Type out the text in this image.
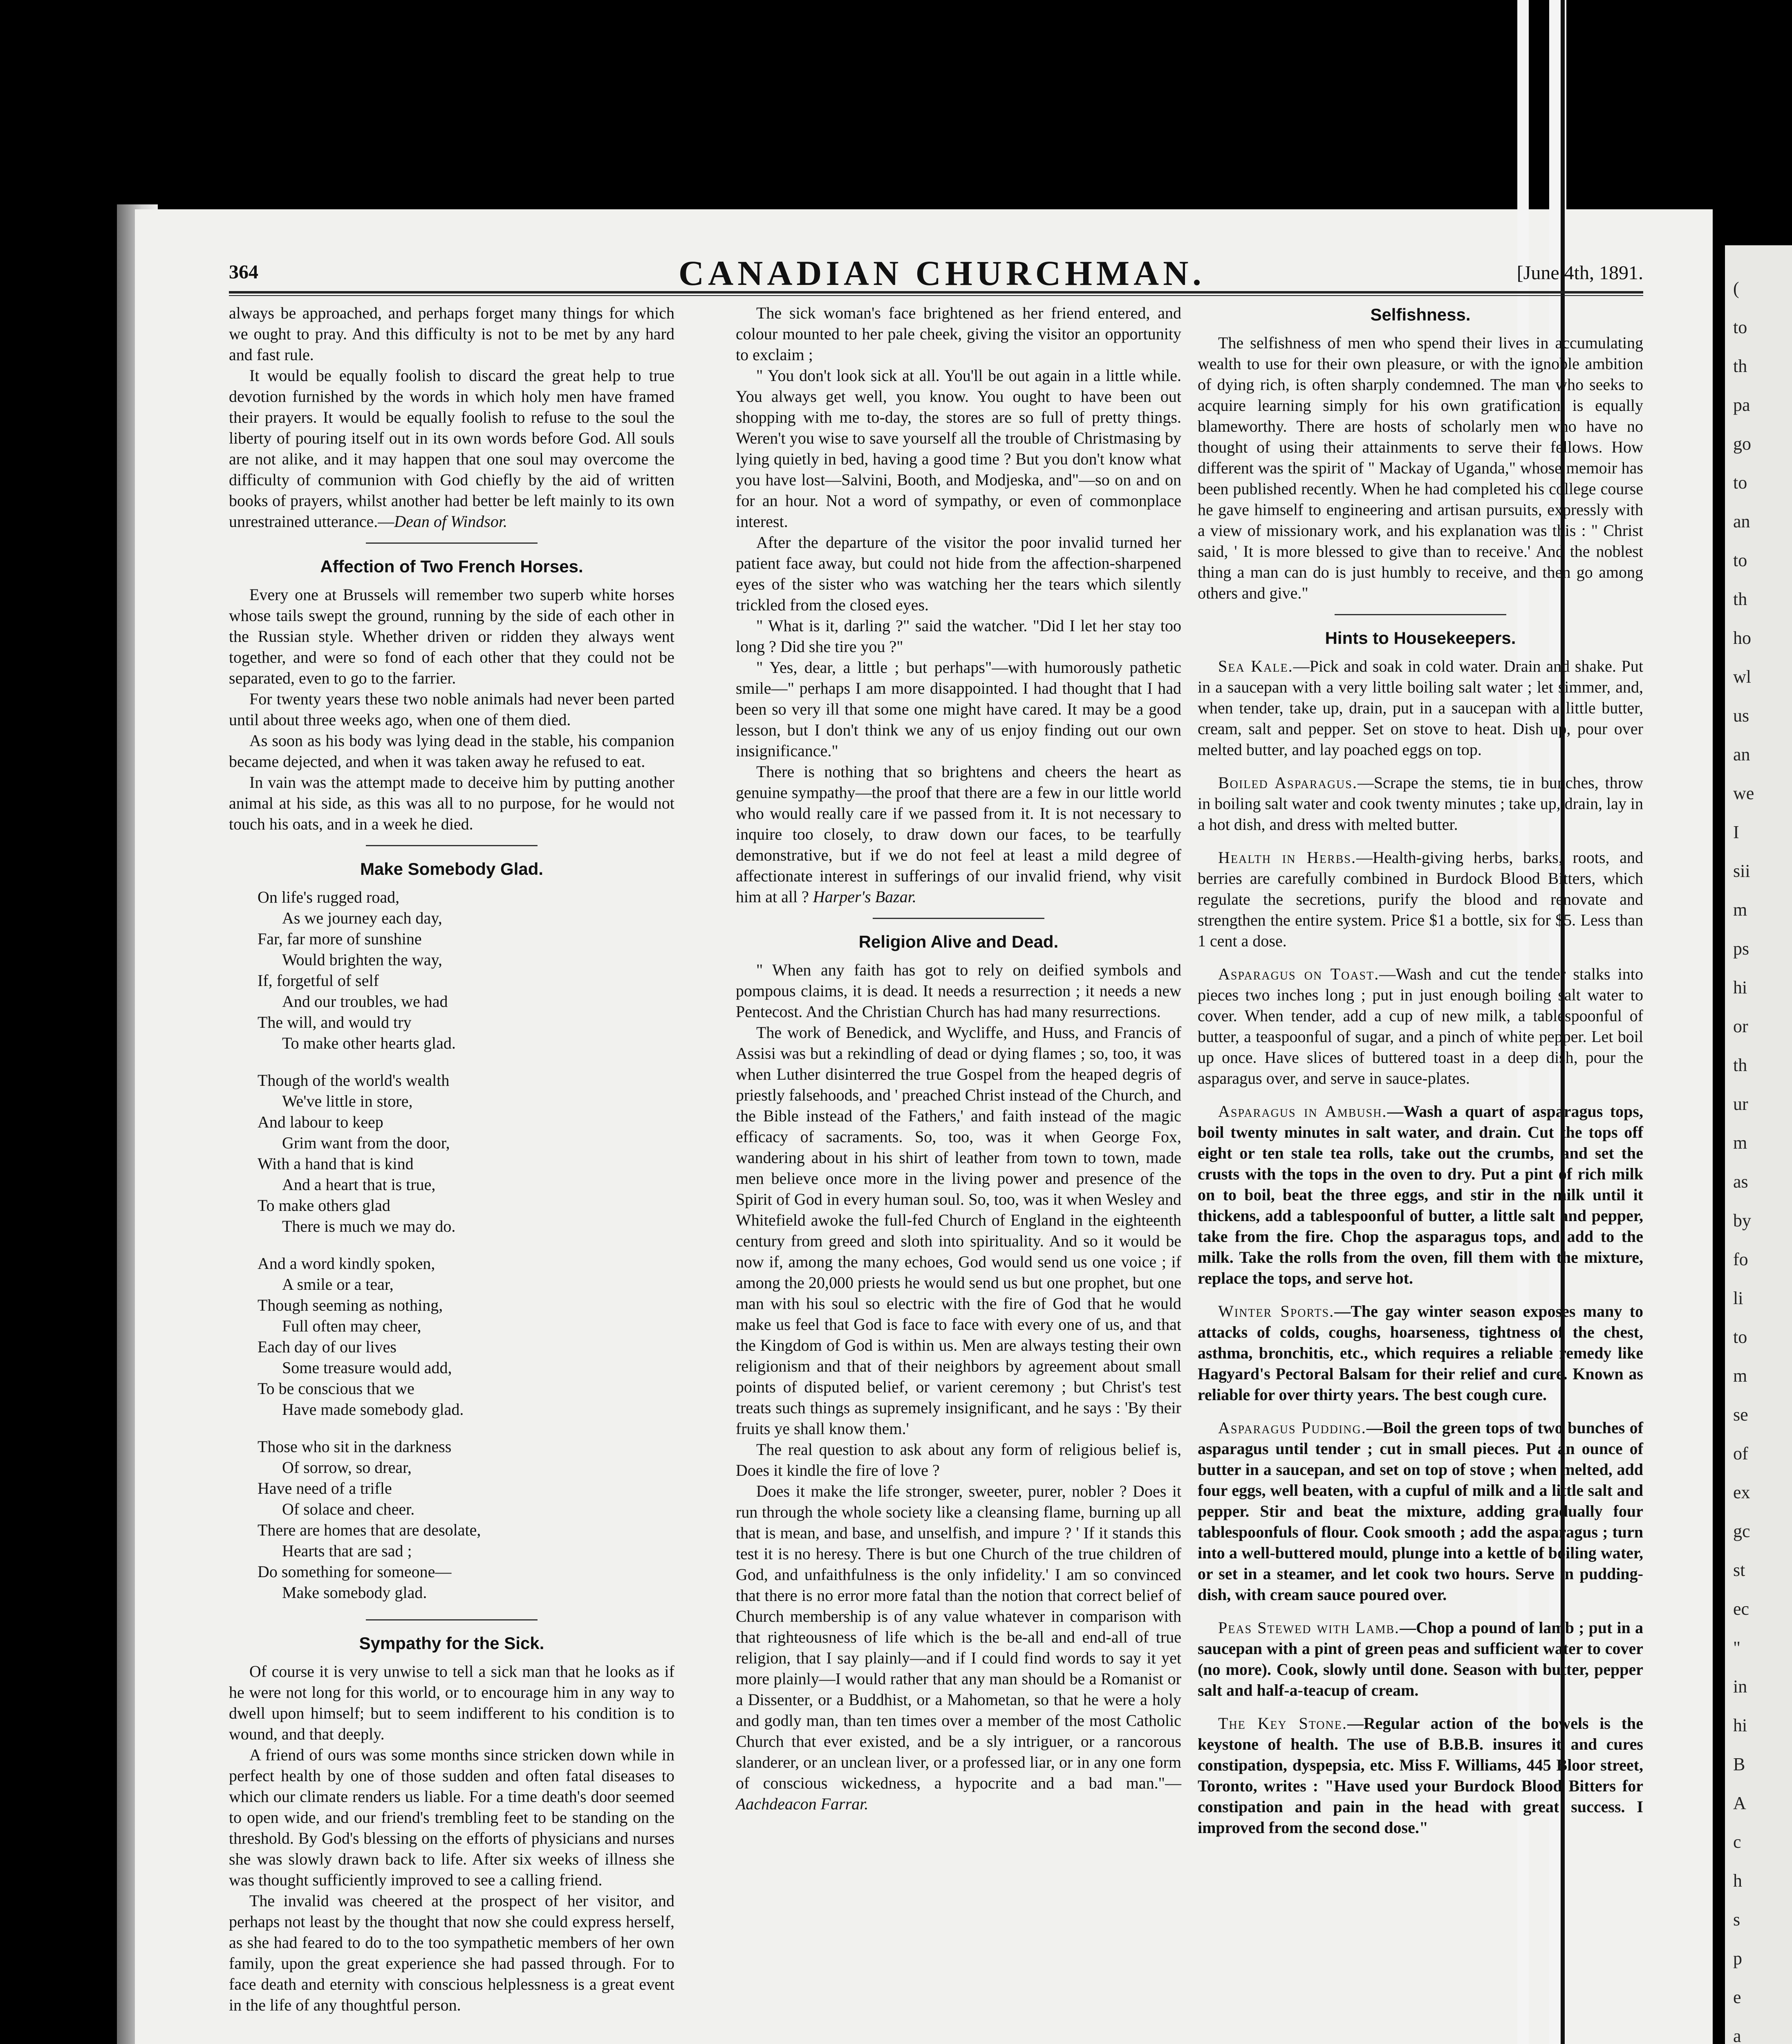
(
to
th
pa
go
to
an
to
th
ho
wl
us
an
we
I
sii
m
ps
hi
or
th
ur
m
as
by
fo
li
to
m
se
of
ex
gc
st
ec
"
in
hi
B
A
c
h
s
p
e
a
364	CANADIAN CHURCHMAN.	[June 4th, 1891.

always be approached, and perhaps forget many things for which we ought to pray. And this difficulty is not to be met by any hard and fast rule.

It would be equally foolish to discard the great help to true devotion furnished by the words in which holy men have framed their prayers. It would be equally foolish to refuse to the soul the liberty of pouring itself out in its own words before God. All souls are not alike, and it may happen that one soul may overcome the difficulty of communion with God chiefly by the aid of written books of prayers, whilst another had better be left mainly to its own unrestrained utterance.—Dean of Windsor.

Affection of Two French Horses.

Every one at Brussels will remember two superb white horses whose tails swept the ground, running by the side of each other in the Russian style. Whether driven or ridden they always went together, and were so fond of each other that they could not be separated, even to go to the farrier.

For twenty years these two noble animals had never been parted until about three weeks ago, when one of them died.

As soon as his body was lying dead in the stable, his companion became dejected, and when it was taken away he refused to eat.

In vain was the attempt made to deceive him by putting another animal at his side, as this was all to no purpose, for he would not touch his oats, and in a week he died.

Make Somebody Glad.
On life's rugged road,
As we journey each day,
Far, far more of sunshine
Would brighten the way,
If, forgetful of self
And our troubles, we had
The will, and would try
To make other hearts glad.
Though of the world's wealth
We've little in store,
And labour to keep
Grim want from the door,
With a hand that is kind
And a heart that is true,
To make others glad
There is much we may do.
And a word kindly spoken,
A smile or a tear,
Though seeming as nothing,
Full often may cheer,
Each day of our lives
Some treasure would add,
To be conscious that we
Have made somebody glad.
Those who sit in the darkness
Of sorrow, so drear,
Have need of a trifle
Of solace and cheer.
There are homes that are desolate,
Hearts that are sad ;
Do something for someone—
Make somebody glad.
Sympathy for the Sick.

Of course it is very unwise to tell a sick man that he looks as if he were not long for this world, or to encourage him in any way to dwell upon himself; but to seem indifferent to his condition is to wound, and that deeply.

A friend of ours was some months since stricken down while in perfect health by one of those sudden and often fatal diseases to which our climate renders us liable. For a time death's door seemed to open wide, and our friend's trembling feet to be standing on the threshold. By God's blessing on the efforts of physicians and nurses she was slowly drawn back to life. After six weeks of illness she was thought sufficiently improved to see a calling friend.

The invalid was cheered at the prospect of her visitor, and perhaps not least by the thought that now she could express herself, as she had feared to do to the too sympathetic members of her own family, upon the great experience she had passed through. For to face death and eternity with conscious helplessness is a great event in the life of any thoughtful person.

The sick woman's face brightened as her friend entered, and colour mounted to her pale cheek, giving the visitor an opportunity to exclaim ;

" You don't look sick at all. You'll be out again in a little while. You always get well, you know. You ought to have been out shopping with me to-day, the stores are so full of pretty things. Weren't you wise to save yourself all the trouble of Christmasing by lying quietly in bed, having a good time ? But you don't know what you have lost—Salvini, Booth, and Modjeska, and"—so on and on for an hour. Not a word of sympathy, or even of commonplace interest.

After the departure of the visitor the poor invalid turned her patient face away, but could not hide from the affection-sharpened eyes of the sister who was watching her the tears which silently trickled from the closed eyes.

" What is it, darling ?" said the watcher. "Did I let her stay too long ? Did she tire you ?"

" Yes, dear, a little ; but perhaps"—with humorously pathetic smile—" perhaps I am more disappointed. I had thought that I had been so very ill that some one might have cared. It may be a good lesson, but I don't think we any of us enjoy finding out our own insignificance."

There is nothing that so brightens and cheers the heart as genuine sympathy—the proof that there are a few in our little world who would really care if we passed from it. It is not necessary to inquire too closely, to draw down our faces, to be tearfully demonstrative, but if we do not feel at least a mild degree of affectionate interest in sufferings of our invalid friend, why visit him at all ? Harper's Bazar.

Religion Alive and Dead.

" When any faith has got to rely on deified symbols and pompous claims, it is dead. It needs a resurrection ; it needs a new Pentecost. And the Christian Church has had many resurrections.

The work of Benedick, and Wycliffe, and Huss, and Francis of Assisi was but a rekindling of dead or dying flames ; so, too, it was when Luther disinterred the true Gospel from the heaped degris of priestly falsehoods, and ' preached Christ instead of the Church, and the Bible instead of the Fathers,' and faith instead of the magic efficacy of sacraments. So, too, was it when George Fox, wandering about in his shirt of leather from town to town, made men believe once more in the living power and presence of the Spirit of God in every human soul. So, too, was it when Wesley and Whitefield awoke the full-fed Church of England in the eighteenth century from greed and sloth into spirituality. And so it would be now if, among the many echoes, God would send us one voice ; if among the 20,000 priests he would send us but one prophet, but one man with his soul so electric with the fire of God that he would make us feel that God is face to face with every one of us, and that the Kingdom of God is within us. Men are always testing their own religionism and that of their neighbors by agreement about small points of disputed belief, or varient ceremony ; but Christ's test treats such things as supremely insignificant, and he says : 'By their fruits ye shall know them.'

The real question to ask about any form of religious belief is, Does it kindle the fire of love ?

Does it make the life stronger, sweeter, purer, nobler ? Does it run through the whole society like a cleansing flame, burning up all that is mean, and base, and unselfish, and impure ? ' If it stands this test it is no heresy. There is but one Church of the true children of God, and unfaithfulness is the only infidelity.' I am so convinced that there is no error more fatal than the notion that correct belief of Church membership is of any value whatever in comparison with that righteousness of life which is the be-all and end-all of true religion, that I say plainly—and if I could find words to say it yet more plainly—I would rather that any man should be a Romanist or a Dissenter, or a Buddhist, or a Mahometan, so that he were a holy and godly man, than ten times over a member of the most Catholic Church that ever existed, and be a sly intriguer, or a rancorous slanderer, or an unclean liver, or a professed liar, or in any one form of conscious wickedness, a hypocrite and a bad man."—Aachdeacon Farrar.

Selfishness.

The selfishness of men who spend their lives in accumulating wealth to use for their own pleasure, or with the ignoble ambition of dying rich, is often sharply condemned. The man who seeks to acquire learning simply for his own gratification is equally blameworthy. There are hosts of scholarly men who have no thought of using their attainments to serve their fellows. How different was the spirit of " Mackay of Uganda," whose memoir has been published recently. When he had completed his college course he gave himself to engineering and artisan pursuits, expressly with a view of missionary work, and his explanation was this : " Christ said, ' It is more blessed to give than to receive.' And the noblest thing a man can do is just humbly to receive, and then go among others and give."

Hints to Housekeepers.

Sea Kale.—Pick and soak in cold water. Drain and shake. Put in a saucepan with a very little boiling salt water ; let simmer, and, when tender, take up, drain, put in a saucepan with a little butter, cream, salt and pepper. Set on stove to heat. Dish up, pour over melted butter, and lay poached eggs on top.

Boiled Asparagus.—Scrape the stems, tie in bunches, throw in boiling salt water and cook twenty minutes ; take up, drain, lay in a hot dish, and dress with melted butter.

Health in Herbs.—Health-giving herbs, barks, roots, and berries are carefully combined in Burdock Blood Bitters, which regulate the secretions, purify the blood and renovate and strengthen the entire system. Price $1 a bottle, six for $5. Less than 1 cent a dose.

Asparagus on Toast.—Wash and cut the tender stalks into pieces two inches long ; put in just enough boiling salt water to cover. When tender, add a cup of new milk, a tablespoonful of butter, a teaspoonful of sugar, and a pinch of white pepper. Let boil up once. Have slices of buttered toast in a deep dish, pour the asparagus over, and serve in sauce-plates.

Asparagus in Ambush.—Wash a quart of asparagus tops, boil twenty minutes in salt water, and drain. Cut the tops off eight or ten stale tea rolls, take out the crumbs, and set the crusts with the tops in the oven to dry. Put a pint of rich milk on to boil, beat the three eggs, and stir in the milk until it thickens, add a tablespoonful of butter, a little salt and pepper, take from the fire. Chop the asparagus tops, and add to the milk. Take the rolls from the oven, fill them with the mixture, replace the tops, and serve hot.

Winter Sports.—The gay winter season exposes many to attacks of colds, coughs, hoarseness, tightness of the chest, asthma, bronchitis, etc., which requires a reliable remedy like Hagyard's Pectoral Balsam for their relief and cure. Known as reliable for over thirty years. The best cough cure.

Asparagus Pudding.—Boil the green tops of two bunches of asparagus until tender ; cut in small pieces. Put an ounce of butter in a saucepan, and set on top of stove ; when melted, add four eggs, well beaten, with a cupful of milk and a little salt and pepper. Stir and beat the mixture, adding gradually four tablespoonfuls of flour. Cook smooth ; add the asparagus ; turn into a well-buttered mould, plunge into a kettle of boiling water, or set in a steamer, and let cook two hours. Serve in pudding-dish, with cream sauce poured over.

Peas Stewed with Lamb.—Chop a pound of lamb ; put in a saucepan with a pint of green peas and sufficient water to cover (no more). Cook, slowly until done. Season with butter, pepper salt and half-a-teacup of cream.

The Key Stone.—Regular action of the bowels is the keystone of health. The use of B.B.B. insures it and cures constipation, dyspepsia, etc. Miss F. Williams, 445 Bloor street, Toronto, writes : "Have used your Burdock Blood Bitters for constipation and pain in the head with great success. I improved from the second dose."
